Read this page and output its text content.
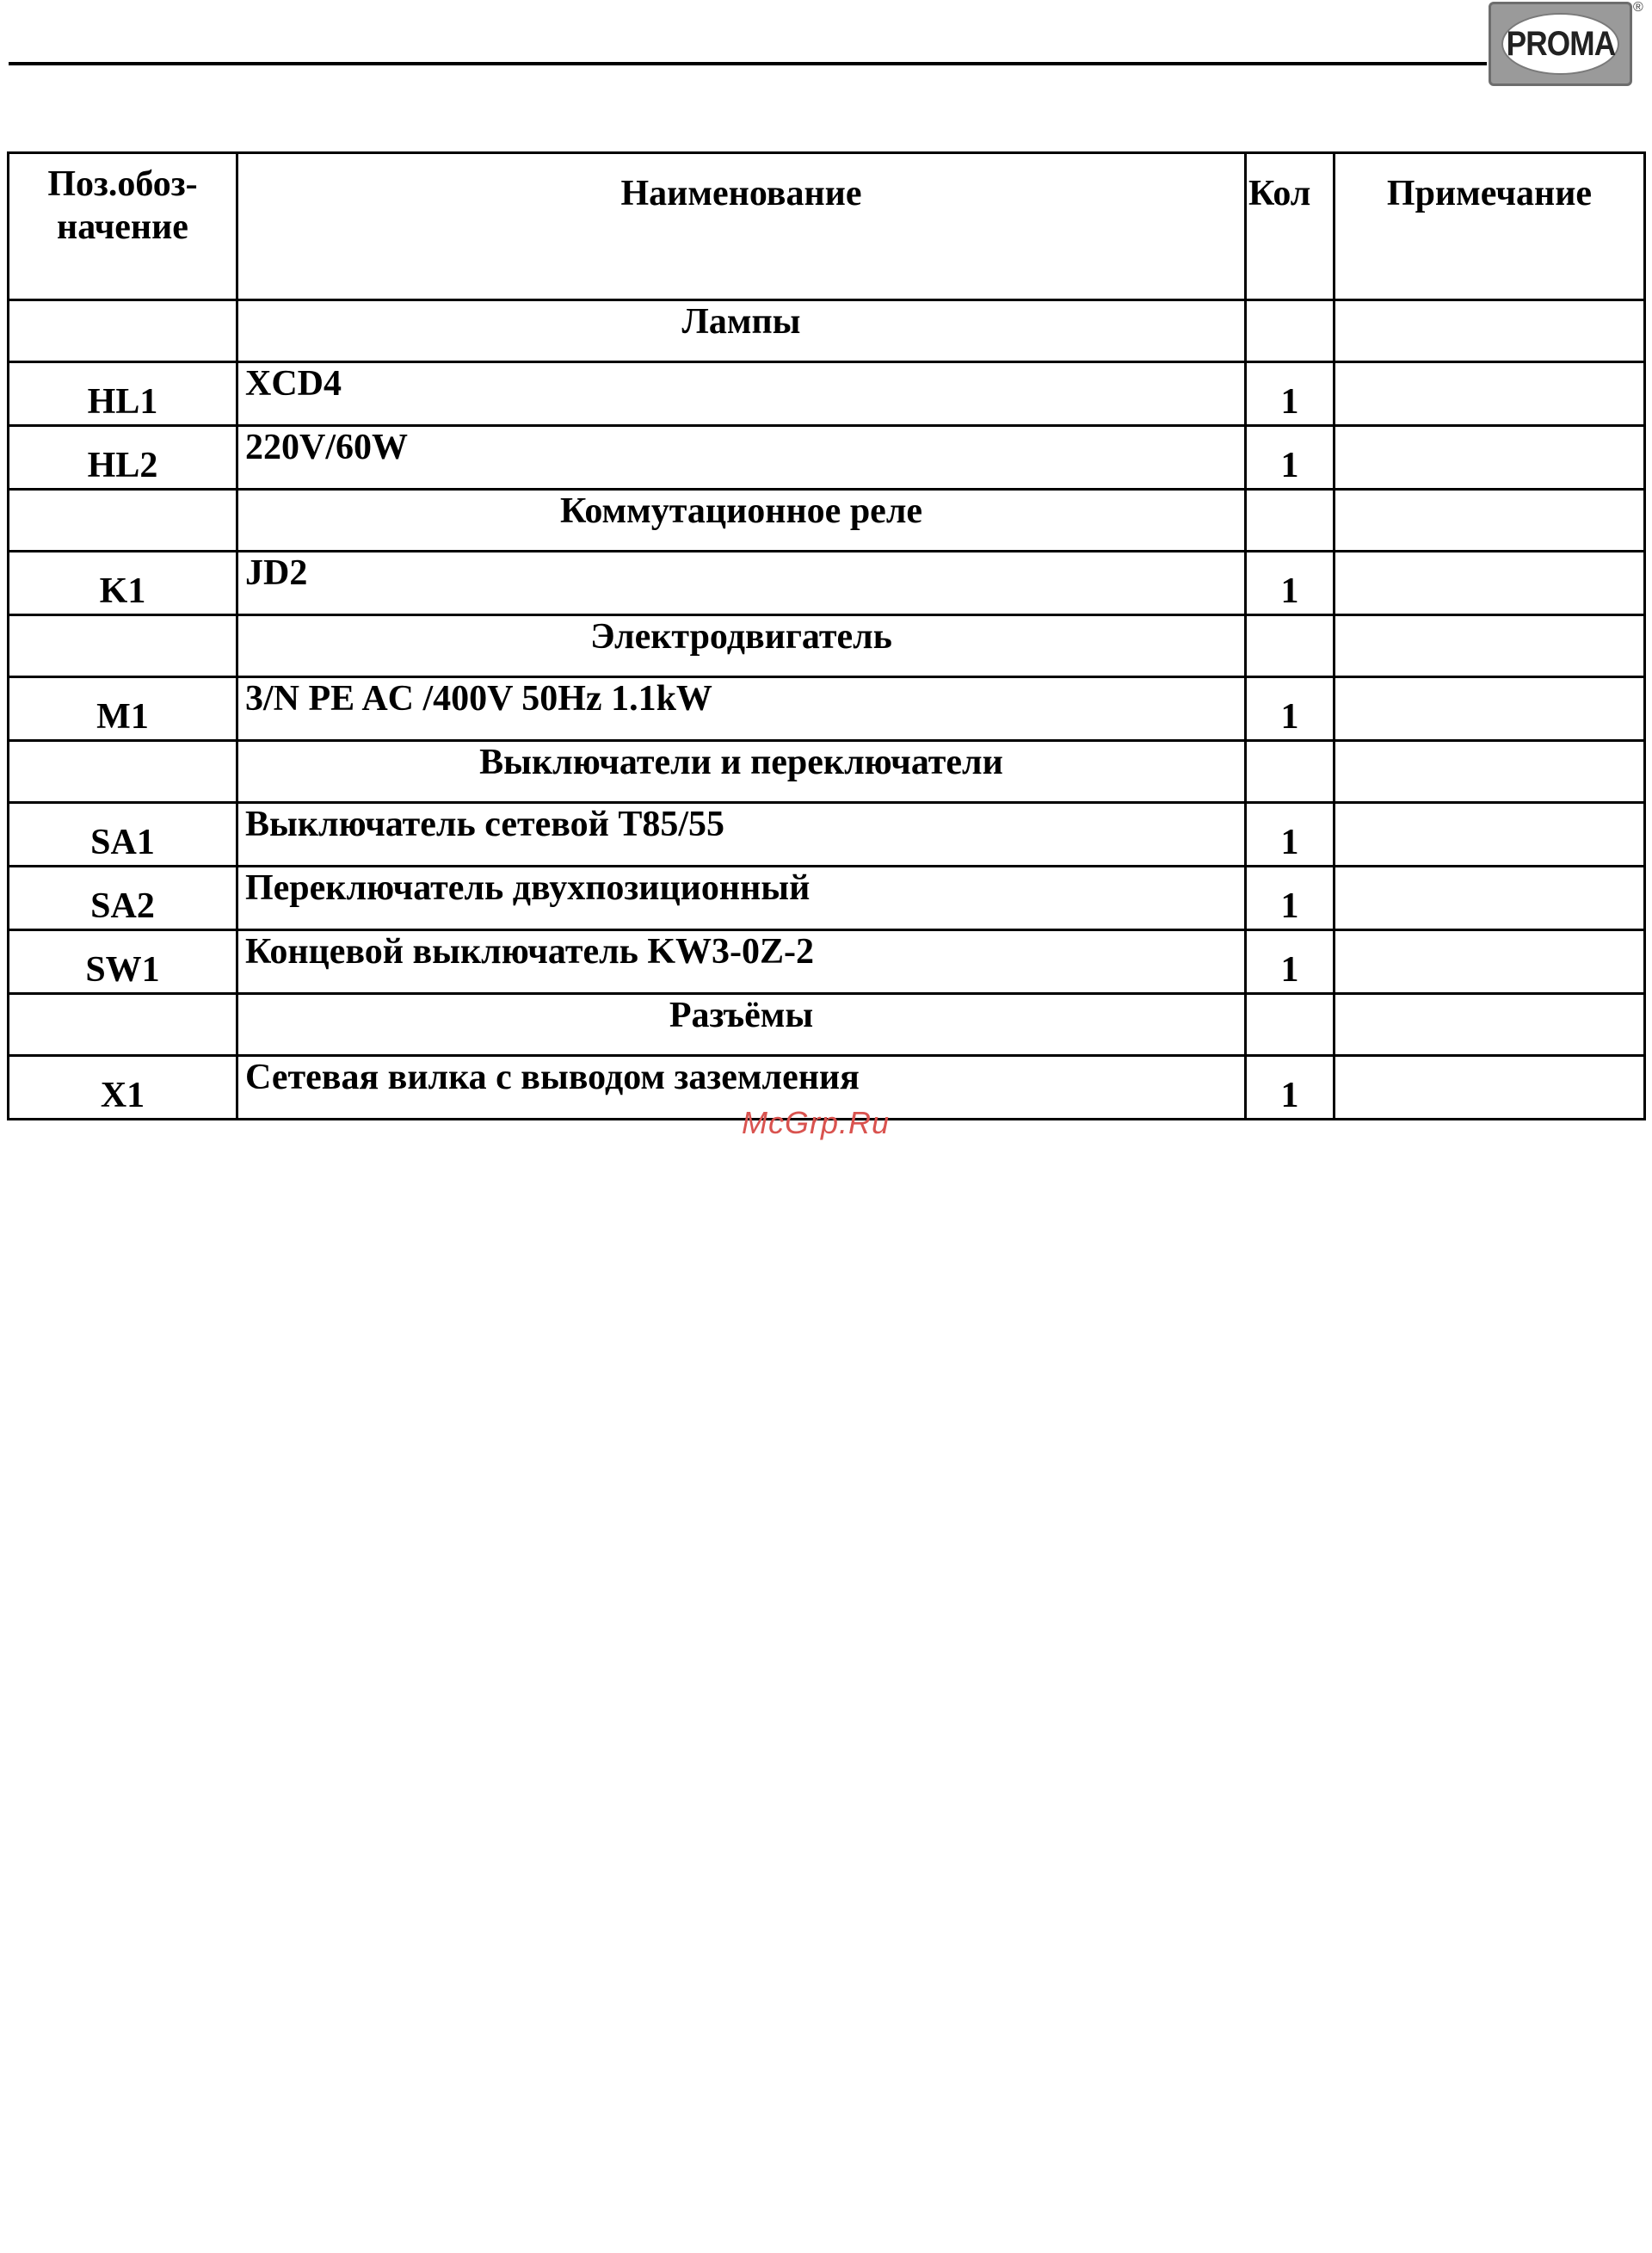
PROMA
®
Поз.обоз-
начение	Наименование	Кол	Примечание
	Лампы		
HL1	XCD4	1	
HL2	220V/60W	1	
	Коммутационное реле		
K1	JD2	1	
	Электродвигатель		
M1	3/N PE AC /400V 50Hz 1.1kW	1	
	Выключатели и переключатели		
SA1	Выключатель сетевой Т85/55	1	
SA2	Переключатель двухпозиционный	1	
SW1	Концевой выключатель KW3-0Z-2	1	
	Разъёмы		
X1	Сетевая вилка с выводом заземления	1	
McGrp.Ru
